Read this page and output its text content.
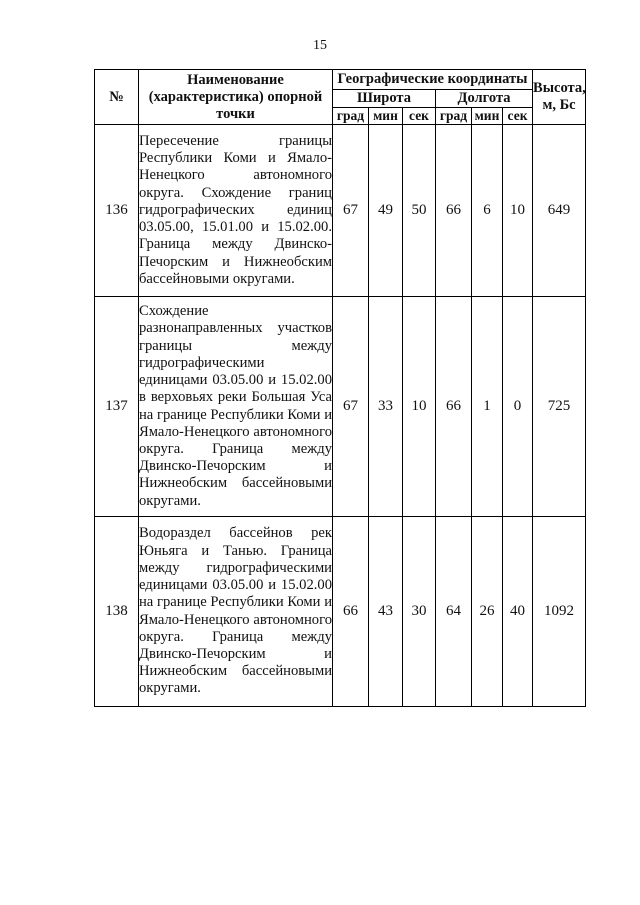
15
№	Наименование (характеристика) опорной точки	Географические координаты						Высота, м, Бс
		Широта			Долгота			
		град	мин	сек	град	мин	сек	
136	Пересечение границы Республики Коми и Ямало-Ненецкого автономного округа. Схождение границ гидрографических единиц 03.05.00, 15.01.00 и 15.02.00. Граница между Двинско-Печорским и Нижнеобским бассейновыми округами.	67	49	50	66	6	10	649
137	Схождение разнонаправленных участков границы между гидрографическими единицами 03.05.00 и 15.02.00 в верховьях реки Большая Уса на границе Республики Коми и Ямало-Ненецкого автономного округа. Граница между Двинско-Печорским и Нижнеобским бассейновыми округами.	67	33	10	66	1	0	725
138	Водораздел бассейнов рек Юньяга и Танью. Граница между гидрографическими единицами 03.05.00 и 15.02.00 на границе Республики Коми и Ямало-Ненецкого автономного округа. Граница между Двинско-Печорским и Нижнеобским бассейновыми округами.	66	43	30	64	26	40	1092
